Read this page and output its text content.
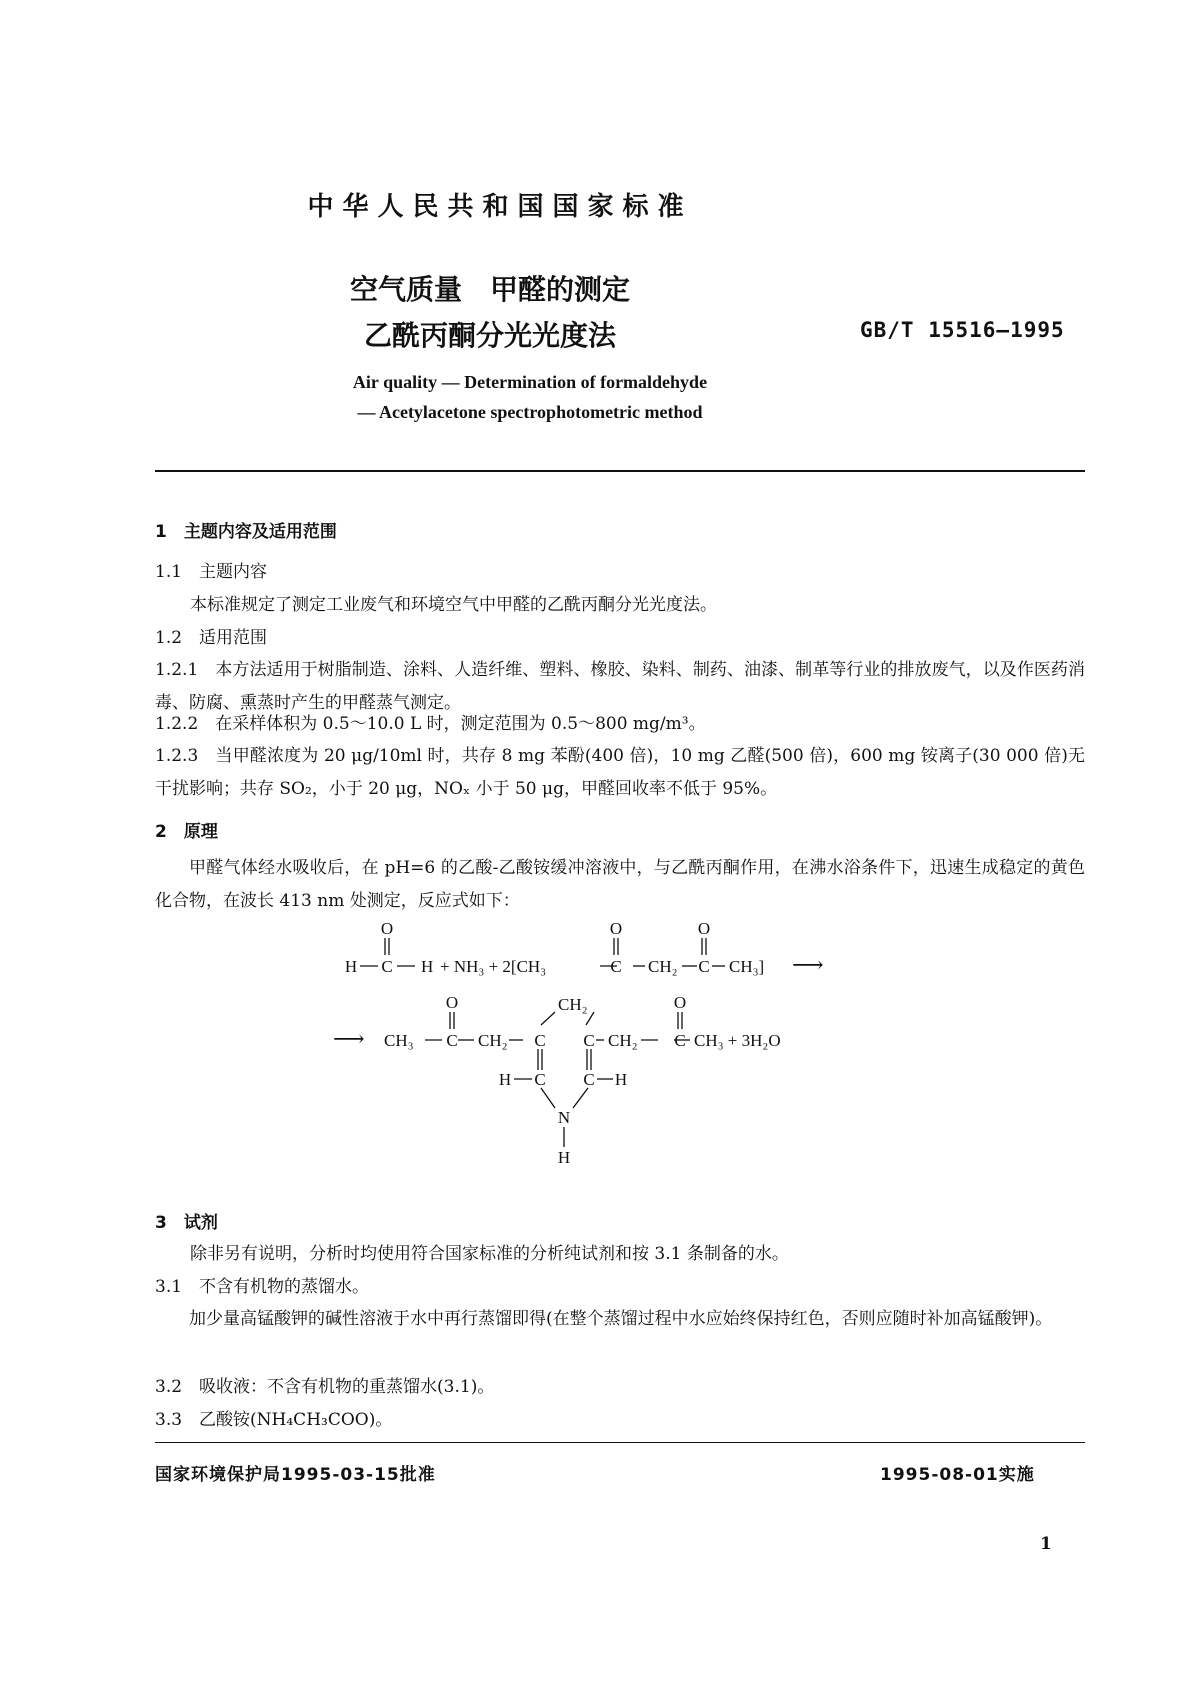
中华人民共和国国家标准
空气质量　甲醛的测定
乙酰丙酮分光光度法	GB/T 15516—1995
Air quality — Determination of formaldehyde
— Acetylacetone spectrophotometric method
1　主题内容及适用范围
1.1　主题内容
本标准规定了测定工业废气和环境空气中甲醛的乙酰丙酮分光光度法。
1.2　适用范围
1.2.1　本方法适用于树脂制造、涂料、人造纤维、塑料、橡胶、染料、制药、油漆、制革等行业的排放废气，以及作医药消毒、防腐、熏蒸时产生的甲醛蒸气测定。
1.2.2　在采样体积为 0.5～10.0 L 时，测定范围为 0.5～800 mg/m³。
1.2.3　当甲醛浓度为 20 μg/10ml 时，共存 8 mg 苯酚(400 倍)，10 mg 乙醛(500 倍)，600 mg 铵离子(30 000 倍)无干扰影响；共存 SO₂，小于 20 μg，NOₓ 小于 50 μg，甲醛回收率不低于 95%。
2　原理
甲醛气体经水吸收后，在 pH=6 的乙酸-乙酸铵缓冲溶液中，与乙酰丙酮作用，在沸水浴条件下，迅速生成稳定的黄色化合物，在波长 413 nm 处测定，反应式如下：
O
H C H + NH₃ + 2[CH₃
O
C CH₂
O
C CH₃] ⟶
⟶ CH₃
O
C CH₂ C
CH₂
C CH₂
O
C CH₃ + 3H₂O
H C C H
N
H
3　试剂
除非另有说明，分析时均使用符合国家标准的分析纯试剂和按 3.1 条制备的水。
3.1　不含有机物的蒸馏水。
加少量高锰酸钾的碱性溶液于水中再行蒸馏即得(在整个蒸馏过程中水应始终保持红色，否则应随时补加高锰酸钾)。
3.2　吸收液：不含有机物的重蒸馏水(3.1)。
3.3　乙酸铵(NH₄CH₃COO)。
国家环境保护局1995-03-15批准	1995-08-01实施
1
